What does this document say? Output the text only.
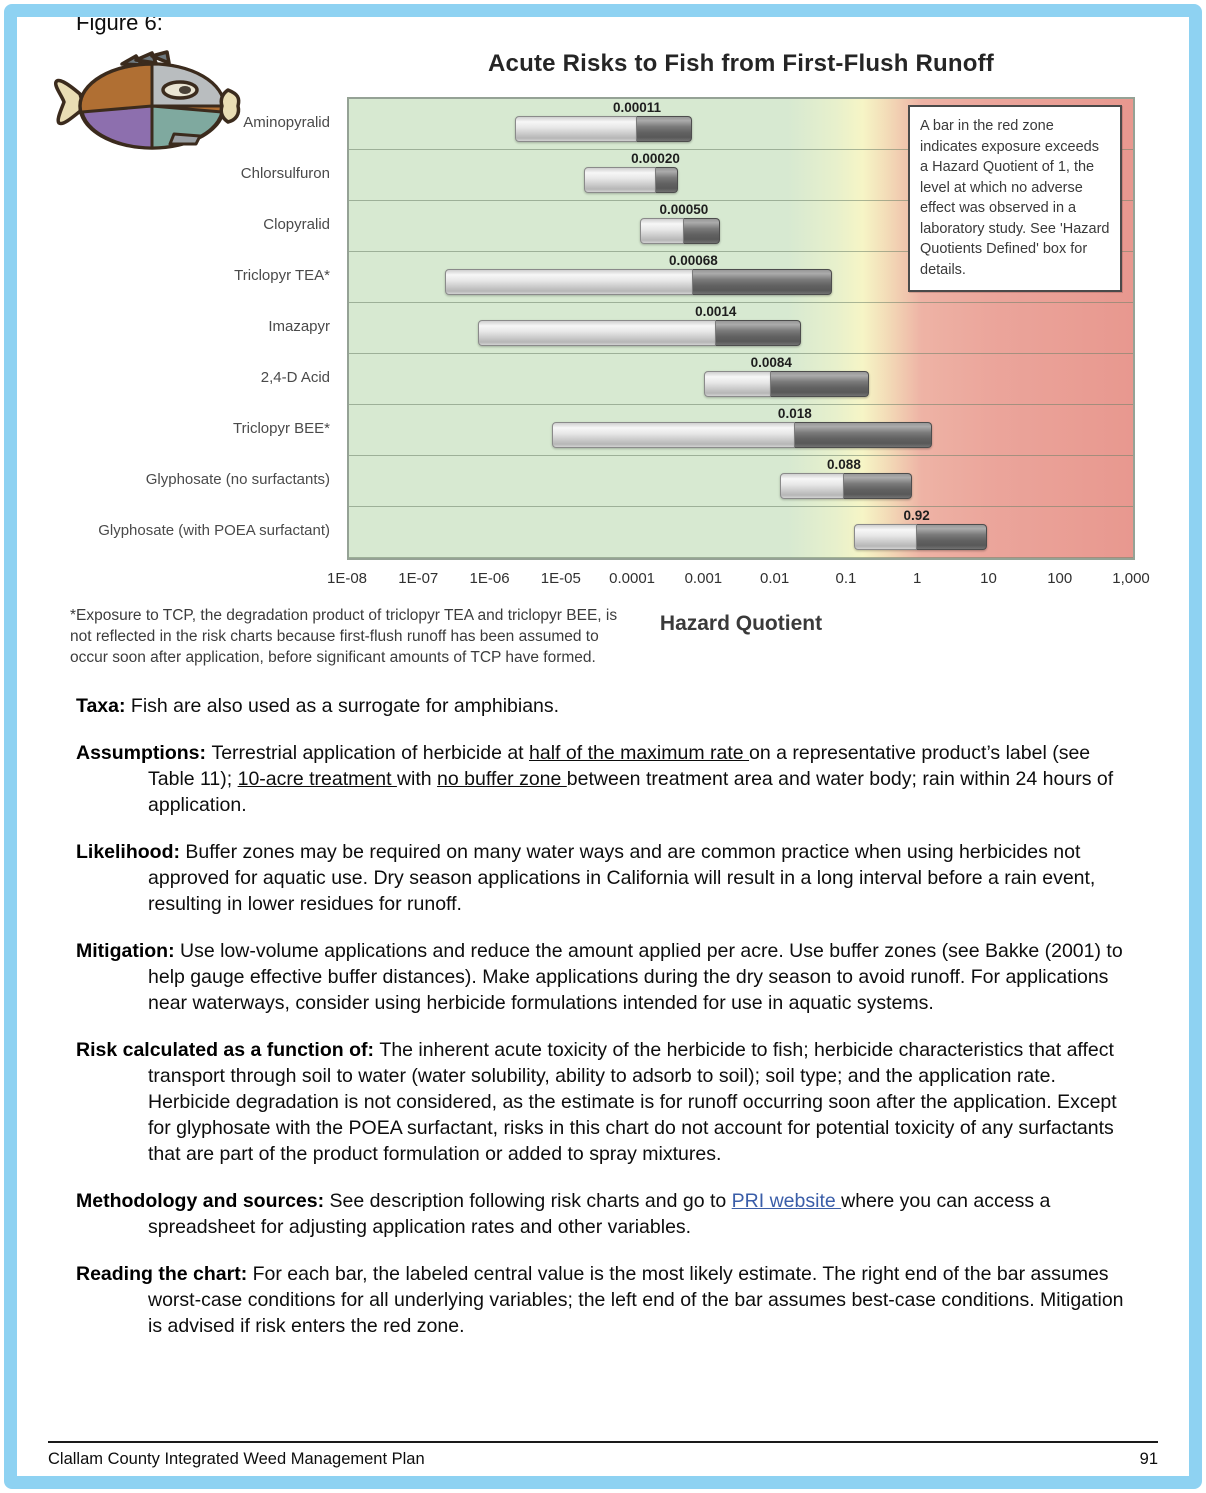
Figure 6:
Acute Risks to Fish from First-Flush Runoff
0.00011
0.00020
0.00050
0.00068
0.0014
0.0084
0.018
0.088
0.92
Aminopyralid
Chlorsulfuron
Clopyralid
Triclopyr TEA*
Imazapyr
2,4-D Acid
Triclopyr BEE*
Glyphosate (no surfactants)
Glyphosate (with POEA surfactant)
A bar in the red zone indicates exposure exceeds a Hazard Quotient of 1, the level at which no adverse effect was observed in a laboratory study. See 'Hazard Quotients Defined' box for details.
1E-08 1E-07 1E-06 1E-05 0.0001 0.001	0.01	0.1	1	10	100	1,000
Hazard Quotient
*Exposure to TCP, the degradation product of triclopyr TEA and triclopyr BEE, is not reflected in the risk charts because first-flush runoff has been assumed to occur soon after application, before significant amounts of TCP have formed.

Taxa: Fish are also used as a surrogate for amphibians.

Assumptions: Terrestrial application of herbicide at half of the maximum rate on a representative product’s label (see Table 11); 10-acre treatment with no buffer zone between treatment area and water body; rain within 24 hours of application.

Likelihood: Buffer zones may be required on many water ways and are common practice when using herbicides not approved for aquatic use. Dry season applications in California will result in a long interval before a rain event, resulting in lower residues for runoff.

Mitigation: Use low-volume applications and reduce the amount applied per acre. Use buffer zones (see Bakke (2001) to help gauge effective buffer distances). Make applications during the dry season to avoid runoff. For applications near waterways, consider using herbicide formulations intended for use in aquatic systems.

Risk calculated as a function of: The inherent acute toxicity of the herbicide to fish; herbicide characteristics that affect transport through soil to water (water solubility, ability to adsorb to soil); soil type; and the application rate. Herbicide degradation is not considered, as the estimate is for runoff occurring soon after the application. Except for glyphosate with the POEA surfactant, risks in this chart do not account for potential toxicity of any surfactants that are part of the product formulation or added to spray mixtures.

Methodology and sources: See description following risk charts and go to PRI website where you can access a spreadsheet for adjusting application rates and other variables.

Reading the chart: For each bar, the labeled central value is the most likely estimate. The right end of the bar assumes worst-case conditions for all underlying variables; the left end of the bar assumes best-case conditions. Mitigation is advised if risk enters the red zone.

Clallam County Integrated Weed Management Plan	91
